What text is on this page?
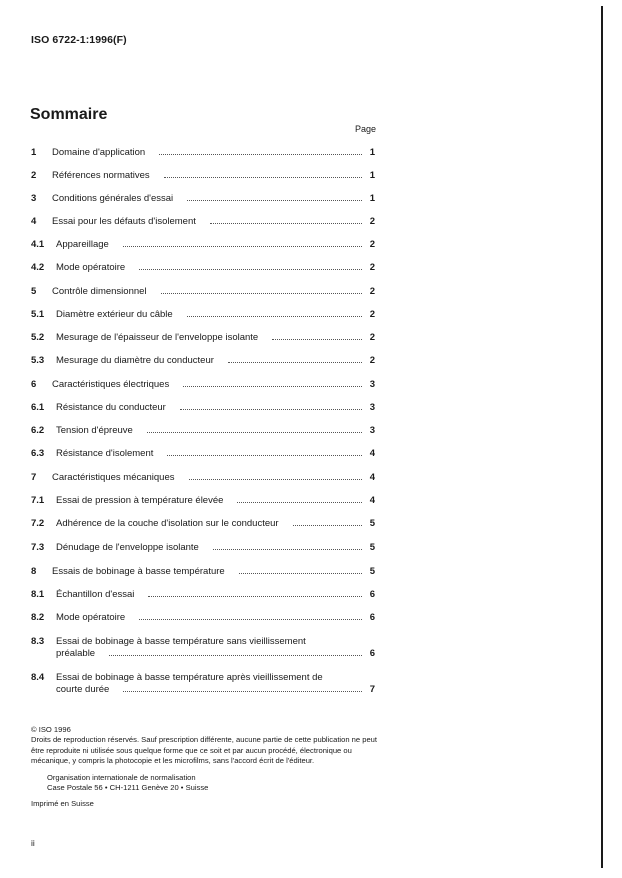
ISO 6722-1:1996(F)
Sommaire
Page
1 Domaine d'application	1
2 Références normatives	1
3 Conditions générales d'essai	1
4 Essai pour les défauts d'isolement	2
4.1 Appareillage	2
4.2 Mode opératoire	2
5 Contrôle dimensionnel	2
5.1 Diamètre extérieur du câble	2
5.2 Mesurage de l'épaisseur de l'enveloppe isolante	2
5.3 Mesurage du diamètre du conducteur	2
6 Caractéristiques électriques	3
6.1 Résistance du conducteur	3
6.2 Tension d'épreuve	3
6.3 Résistance d'isolement	4
7 Caractéristiques mécaniques	4
7.1 Essai de pression à température élevée	4
7.2 Adhérence de la couche d'isolation sur le conducteur	5
7.3 Dénudage de l'enveloppe isolante	5
8 Essais de bobinage à basse température	5
8.1 Échantillon d'essai	6
8.2 Mode opératoire	6
8.3 Essai de bobinage à basse température sans vieillissement
préalable	6
8.4 Essai de bobinage à basse température après vieillissement de
courte durée	7

© ISO 1996

Droits de reproduction réservés. Sauf prescription différente, aucune partie de cette publication ne peut être reproduite ni utilisée sous quelque forme que ce soit et par aucun procédé, électronique ou mécanique, y compris la photocopie et les microfilms, sans l'accord écrit de l'éditeur.

Organisation internationale de normalisation

Case Postale 56 • CH-1211 Genève 20 • Suisse

Imprimé en Suisse

ii
